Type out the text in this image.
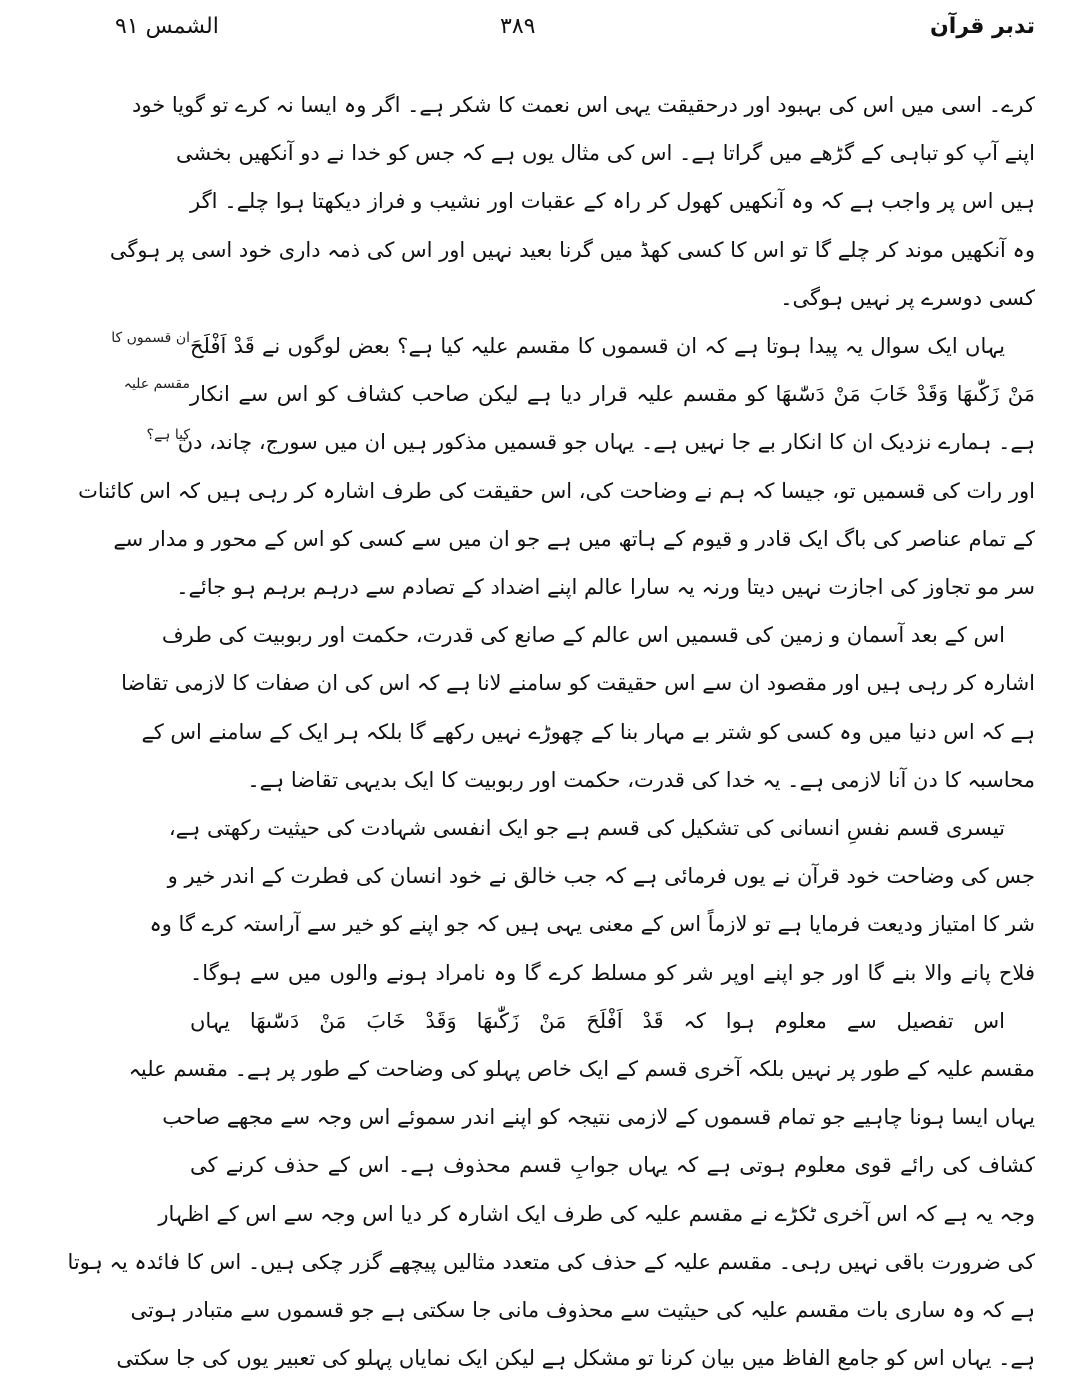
تدبر قرآن
۳۸۹
الشمس ۹۱
ان قسموں کا
مقسم علیہ
کیا ہے؟
کرے۔ اسی میں اس کی بہبود اور درحقیقت یہی اس نعمت کا شکر ہے۔ اگر وہ ایسا نہ کرے تو گویا خود
اپنے آپ کو تباہی کے گڑھے میں گراتا ہے۔ اس کی مثال یوں ہے کہ جس کو خدا نے دو آنکھیں بخشی
ہیں اس پر واجب ہے کہ وہ آنکھیں کھول کر راہ کے عقبات اور نشیب و فراز دیکھتا ہوا چلے۔ اگر
وہ آنکھیں موند کر چلے گا تو اس کا کسی کھڈ میں گرنا بعید نہیں اور اس کی ذمہ داری خود اسی پر ہوگی
کسی دوسرے پر نہیں ہوگی۔
یہاں ایک سوال یہ پیدا ہوتا ہے کہ ان قسموں کا مقسم علیہ کیا ہے؟ بعض لوگوں نے قَدْ اَفْلَحَ
مَنْ زَكّٰىهَا وَقَدْ خَابَ مَنْ دَسّٰىهَا کو مقسم علیہ قرار دیا ہے لیکن صاحب کشاف کو اس سے انکار
ہے۔ ہمارے نزدیک ان کا انکار بے جا نہیں ہے۔ یہاں جو قسمیں مذکور ہیں ان میں سورج، چاند، دن
اور رات کی قسمیں تو، جیسا کہ ہم نے وضاحت کی، اس حقیقت کی طرف اشارہ کر رہی ہیں کہ اس کائنات
کے تمام عناصر کی باگ ایک قادر و قیوم کے ہاتھ میں ہے جو ان میں سے کسی کو اس کے محور و مدار سے
سر مو تجاوز کی اجازت نہیں دیتا ورنہ یہ سارا عالم اپنے اضداد کے تصادم سے درہم برہم ہو جائے۔
اس کے بعد آسمان و زمین کی قسمیں اس عالم کے صانع کی قدرت، حکمت اور ربوبیت کی طرف
اشارہ کر رہی ہیں اور مقصود ان سے اس حقیقت کو سامنے لانا ہے کہ اس کی ان صفات کا لازمی تقاضا
ہے کہ اس دنیا میں وہ کسی کو شتر بے مہار بنا کے چھوڑے نہیں رکھے گا بلکہ ہر ایک کے سامنے اس کے
محاسبہ کا دن آنا لازمی ہے۔ یہ خدا کی قدرت، حکمت اور ربوبیت کا ایک بدیہی تقاضا ہے۔
تیسری قسم نفسِ انسانی کی تشکیل کی قسم ہے جو ایک انفسی شہادت کی حیثیت رکھتی ہے،
جس کی وضاحت خود قرآن نے یوں فرمائی ہے کہ جب خالق نے خود انسان کی فطرت کے اندر خیر و
شر کا امتیاز ودیعت فرمایا ہے تو لازماً اس کے معنی یہی ہیں کہ جو اپنے کو خیر سے آراستہ کرے گا وہ
فلاح پانے والا بنے گا اور جو اپنے اوپر شر کو مسلط کرے گا وہ نامراد ہونے والوں میں سے ہوگا۔
اس تفصیل سے معلوم ہوا کہ قَدْ اَفْلَحَ مَنْ زَكّٰىهَا وَقَدْ خَابَ مَنْ دَسّٰىهَا یہاں
مقسم علیہ کے طور پر نہیں بلکہ آخری قسم کے ایک خاص پہلو کی وضاحت کے طور پر ہے۔ مقسم علیہ
یہاں ایسا ہونا چاہیے جو تمام قسموں کے لازمی نتیجہ کو اپنے اندر سموئے اس وجہ سے مجھے صاحب
کشاف کی رائے قوی معلوم ہوتی ہے کہ یہاں جوابِ قسم محذوف ہے۔ اس کے حذف کرنے کی
وجہ یہ ہے کہ اس آخری ٹکڑے نے مقسم علیہ کی طرف ایک اشارہ کر دیا اس وجہ سے اس کے اظہار
کی ضرورت باقی نہیں رہی۔ مقسم علیہ کے حذف کی متعدد مثالیں پیچھے گزر چکی ہیں۔ اس کا فائدہ یہ ہوتا
ہے کہ وہ ساری بات مقسم علیہ کی حیثیت سے محذوف مانی جا سکتی ہے جو قسموں سے متبادر ہوتی
ہے۔ یہاں اس کو جامع الفاظ میں بیان کرنا تو مشکل ہے لیکن ایک نمایاں پہلو کی تعبیر یوں کی جا سکتی
